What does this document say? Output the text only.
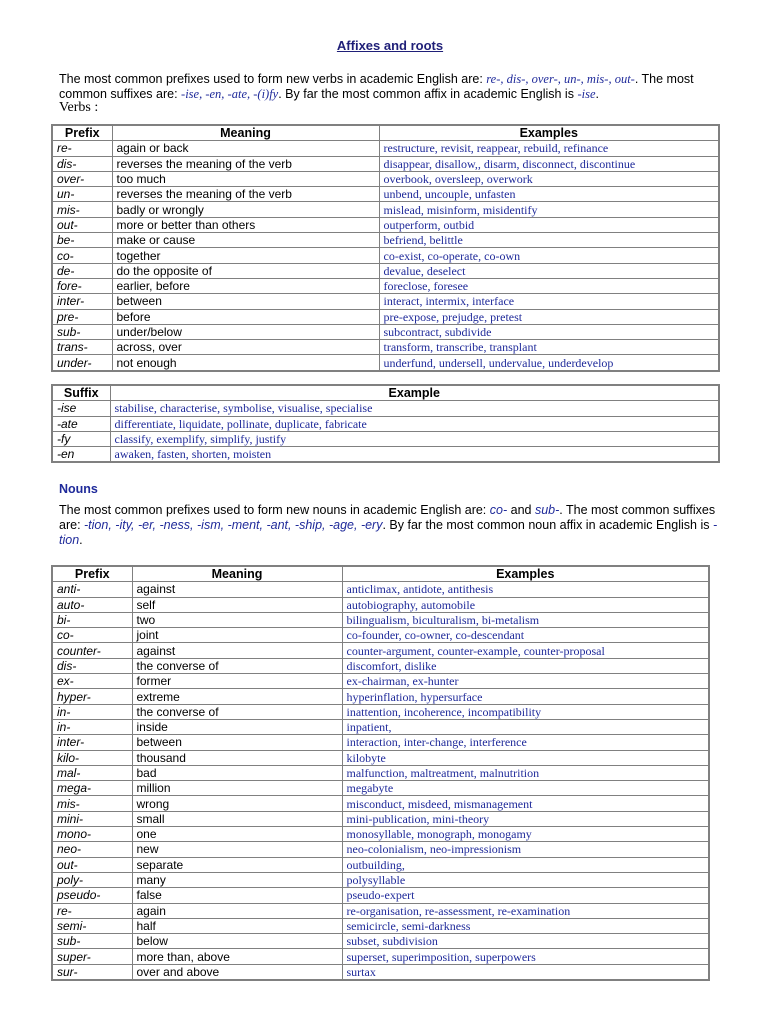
Affixes and roots
The most common prefixes used to form new verbs in academic English are: re-, dis-, over-, un-, mis-, out-. The most common suffixes are: -ise, -en, -ate, -(i)fy. By far the most common affix in academic English is -ise.
Verbs :
Prefix	Meaning	Examples
re-	again or back	restructure, revisit, reappear, rebuild, refinance
dis-	reverses the meaning of the verb	disappear, disallow,, disarm, disconnect, discontinue
over-	too much	overbook, oversleep, overwork
un-	reverses the meaning of the verb	unbend, uncouple, unfasten
mis-	badly or wrongly	mislead, misinform, misidentify
out-	more or better than others	outperform, outbid
be-	make or cause	befriend, belittle
co-	together	co-exist, co-operate, co-own
de-	do the opposite of	devalue, deselect
fore-	earlier, before	foreclose, foresee
inter-	between	interact, intermix, interface
pre-	before	pre-expose, prejudge, pretest
sub-	under/below	subcontract, subdivide
trans-	across, over	transform, transcribe, transplant
under-	not enough	underfund, undersell, undervalue, underdevelop
Suffix	Example
-ise	stabilise, characterise, symbolise, visualise, specialise
-ate	differentiate, liquidate, pollinate, duplicate, fabricate
-fy	classify, exemplify, simplify, justify
-en	awaken, fasten, shorten, moisten
Nouns
The most common prefixes used to form new nouns in academic English are: co- and sub-. The most common suffixes are: -tion, -ity, -er, -ness, -ism, -ment, -ant, -ship, -age, -ery. By far the most common noun affix in academic English is -tion.
Prefix	Meaning	Examples
anti-	against	anticlimax, antidote, antithesis
auto-	self	autobiography, automobile
bi-	two	bilingualism, biculturalism, bi-metalism
co-	joint	co-founder, co-owner, co-descendant
counter-	against	counter-argument, counter-example, counter-proposal
dis-	the converse of	discomfort, dislike
ex-	former	ex-chairman, ex-hunter
hyper-	extreme	hyperinflation, hypersurface
in-	the converse of	inattention, incoherence, incompatibility
in-	inside	inpatient,
inter-	between	interaction, inter-change, interference
kilo-	thousand	kilobyte
mal-	bad	malfunction, maltreatment, malnutrition
mega-	million	megabyte
mis-	wrong	misconduct, misdeed, mismanagement
mini-	small	mini-publication, mini-theory
mono-	one	monosyllable, monograph, monogamy
neo-	new	neo-colonialism, neo-impressionism
out-	separate	outbuilding,
poly-	many	polysyllable
pseudo-	false	pseudo-expert
re-	again	re-organisation, re-assessment, re-examination
semi-	half	semicircle, semi-darkness
sub-	below	subset, subdivision
super-	more than, above	superset, superimposition, superpowers
sur-	over and above	surtax
